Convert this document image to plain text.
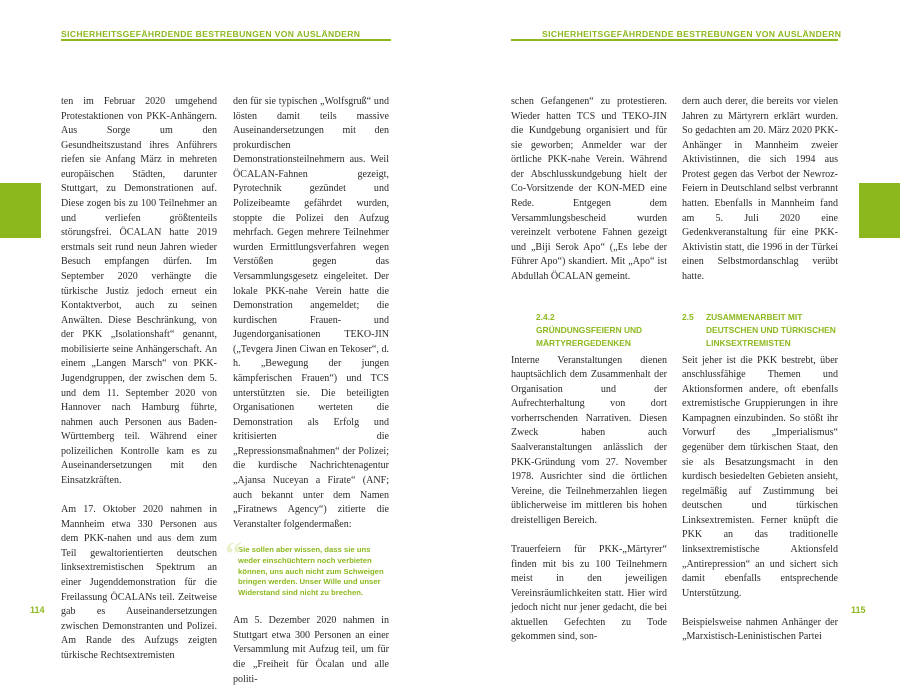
SICHERHEITSGEFÄHRDENDE BESTREBUNGEN VON AUSLÄNDERN

ten im Februar 2020 umgehend Protestaktionen von PKK-Anhängern. Aus Sorge um den Gesundheitszustand ihres Anführers riefen sie Anfang März in mehreten europäischen Städten, darunter Stuttgart, zu Demonstrationen auf. Diese zogen bis zu 100 Teilnehmer an und verliefen größtenteils störungsfrei. ÖCALAN hatte 2019 erstmals seit rund neun Jahren wieder Besuch empfangen dürfen. Im September 2020 verhängte die türkische Justiz jedoch erneut ein Kontaktverbot, auch zu seinen Anwälten. Diese Beschränkung, von der PKK „Isolationshaft“ genannt, mobilisierte seine Anhängerschaft. An einem „Langen Marsch“ von PKK-Jugendgruppen, der zwischen dem 5. und dem 11. September 2020 von Hannover nach Hamburg führte, nahmen auch Personen aus Baden-Württemberg teil. Während einer polizeilichen Kontrolle kam es zu Auseinandersetzungen mit den Einsatzkräften.

Am 17. Oktober 2020 nahmen in Mannheim etwa 330 Personen aus dem PKK-nahen und aus dem zum Teil gewaltorientierten deutschen linksextremistischen Spektrum an einer Jugenddemonstration für die Freilassung ÖCALANs teil. Zeitweise gab es Auseinandersetzungen zwischen Demonstranten und Polizei. Am Rande des Aufzugs zeigten türkische Rechtsextremisten

den für sie typischen „Wolfsgruß“ und lösten damit teils massive Auseinandersetzungen mit den prokurdischen Demonstrationsteilnehmern aus. Weil ÖCALAN-Fahnen gezeigt, Pyrotechnik gezündet und Polizeibeamte gefährdet wurden, stoppte die Polizei den Aufzug mehrfach. Gegen mehrere Teilnehmer wurden Ermittlungsverfahren wegen Verstößen gegen das Versammlungsgesetz eingeleitet. Der lokale PKK-nahe Verein hatte die Demonstration angemeldet; die kurdischen Frauen- und Jugendorganisationen TEKO-JIN („Tevgera Jinen Ciwan en Tekoser“, d. h. „Bewegung der jungen kämpferischen Frauen“) und TCS unterstützten sie. Die beteiligten Organisationen werteten die Demonstration als Erfolg und kritisierten die „Repressionsmaßnahmen“ der Polizei; die kurdische Nachrichtenagentur „Ajansa Nuceyan a Firate“ (ANF; auch bekannt unter dem Namen „Firatnews Agency“) zitierte die Veranstalter folgendermaßen:

“
Sie sollen aber wissen, dass sie uns weder einschüchtern noch verbieten können, uns auch nicht zum Schweigen bringen werden. Unser Wille und unser Widerstand sind nicht zu brechen.

Am 5. Dezember 2020 nahmen in Stuttgart etwa 300 Personen an einer Versammlung mit Aufzug teil, um für die „Freiheit für Öcalan und alle politi-

114
SICHERHEITSGEFÄHRDENDE BESTREBUNGEN VON AUSLÄNDERN

schen Gefangenen“ zu protestieren. Wieder hatten TCS und TEKO-JIN die Kundgebung organisiert und für sie geworben; Anmelder war der örtliche PKK-nahe Verein. Während der Abschlusskundgebung hielt der Co-Vorsitzende der KON-MED eine Rede. Entgegen dem Versammlungsbescheid wurden vereinzelt verbotene Fahnen gezeigt und „Biji Serok Apo“ („Es lebe der Führer Apo“) skandiert. Mit „Apo“ ist Abdullah ÖCALAN gemeint.

2.4.2
GRÜNDUNGSFEIERN UND MÄRTYRERGEDENKEN

Interne Veranstaltungen dienen hauptsächlich dem Zusammenhalt der Organisation und der Aufrechterhaltung von dort vorherrschenden Narrativen. Diesen Zweck haben auch Saalveranstaltungen anlässlich der PKK-Gründung vom 27. November 1978. Ausrichter sind die örtlichen Vereine, die Teilnehmerzahlen liegen üblicherweise im mittleren bis hohen dreistelligen Bereich.

Trauerfeiern für PKK-„Märtyrer“ finden mit bis zu 100 Teilnehmern meist in den jeweiligen Vereinsräumlichkeiten statt. Hier wird jedoch nicht nur jener gedacht, die bei aktuellen Gefechten zu Tode gekommen sind, son-

dern auch derer, die bereits vor vielen Jahren zu Märtyrern erklärt wurden. So gedachten am 20. März 2020 PKK-Anhänger in Mannheim zweier Aktivistinnen, die sich 1994 aus Protest gegen das Verbot der Newroz-Feiern in Deutschland selbst verbrannt hatten. Ebenfalls in Mannheim fand am 5. Juli 2020 eine Gedenkveranstaltung für eine PKK-Aktivistin statt, die 1996 in der Türkei einen Selbstmordanschlag verübt hatte.

2.5	ZUSAMMENARBEIT MIT DEUTSCHEN UND TÜRKISCHEN LINKSEXTREMISTEN

Seit jeher ist die PKK bestrebt, über anschlussfähige Themen und Aktionsformen andere, oft ebenfalls extremistische Gruppierungen in ihre Kampagnen einzubinden. So stößt ihr Vorwurf des „Imperialismus“ gegenüber dem türkischen Staat, den sie als Besatzungsmacht in den kurdisch besiedelten Gebieten ansieht, regelmäßig auf Zustimmung bei deutschen und türkischen Linksextremisten. Ferner knüpft die PKK an das traditionelle linksextremistische Aktionsfeld „Antirepression“ an und sichert sich damit ebenfalls entsprechende Unterstützung.

Beispielsweise nahmen Anhänger der „Marxistisch-Leninistischen Partei

115
